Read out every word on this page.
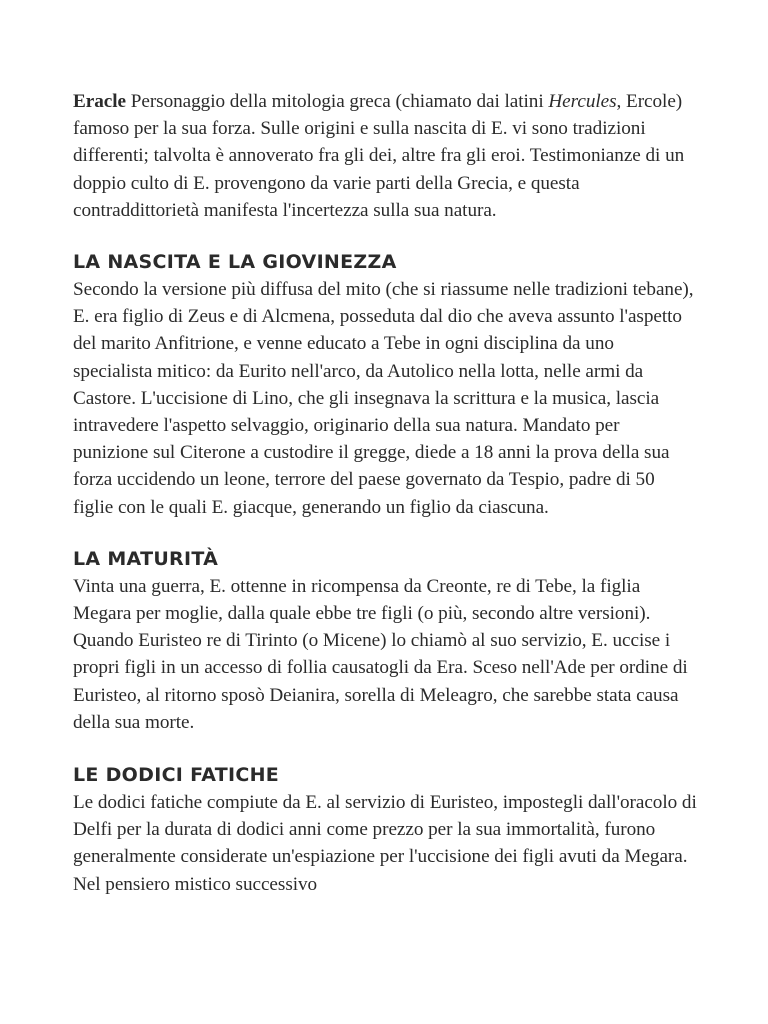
Eracle Personaggio della mitologia greca (chiamato dai latini Hercules, Ercole) famoso per la sua forza. Sulle origini e sulla nascita di E. vi sono tradizioni differenti; talvolta è annoverato fra gli dei, altre fra gli eroi. Testimonianze di un doppio culto di E. provengono da varie parti della Grecia, e questa contraddittorietà manifesta l'incertezza sulla sua natura.

LA NASCITA E LA GIOVINEZZA

Secondo la versione più diffusa del mito (che si riassume nelle tradizioni tebane), E. era figlio di Zeus e di Alcmena, posseduta dal dio che aveva assunto l'aspetto del marito Anfitrione, e venne educato a Tebe in ogni disciplina da uno specialista mitico: da Eurito nell'arco, da Autolico nella lotta, nelle armi da Castore. L'uccisione di Lino, che gli insegnava la scrittura e la musica, lascia intravedere l'aspetto selvaggio, originario della sua natura. Mandato per punizione sul Citerone a custodire il gregge, diede a 18 anni la prova della sua forza uccidendo un leone, terrore del paese governato da Tespio, padre di 50 figlie con le quali E. giacque, generando un figlio da ciascuna.

LA MATURITÀ

Vinta una guerra, E. ottenne in ricompensa da Creonte, re di Tebe, la figlia Megara per moglie, dalla quale ebbe tre figli (o più, secondo altre versioni). Quando Euristeo re di Tirinto (o Micene) lo chiamò al suo servizio, E. uccise i propri figli in un accesso di follia causatogli da Era. Sceso nell'Ade per ordine di Euristeo, al ritorno sposò Deianira, sorella di Meleagro, che sarebbe stata causa della sua morte.

LE DODICI FATICHE

Le dodici fatiche compiute da E. al servizio di Euristeo, impostegli dall'oracolo di Delfi per la durata di dodici anni come prezzo per la sua immortalità, furono generalmente considerate un'espiazione per l'uccisione dei figli avuti da Megara. Nel pensiero mistico successivo
